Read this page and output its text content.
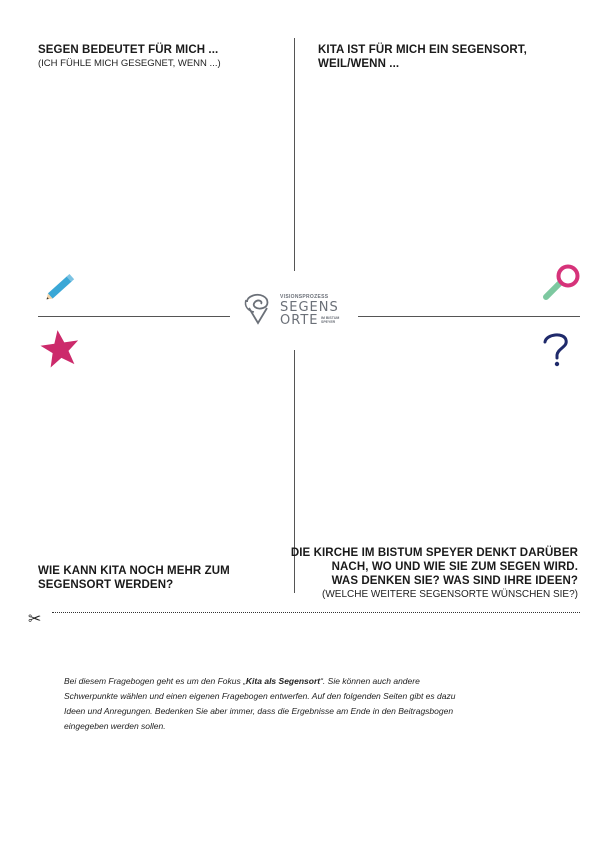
SEGEN BEDEUTET FÜR MICH ...
(ICH FÜHLE MICH GESEGNET, WENN ...)
KITA IST FÜR MICH EIN SEGENSORT,
WEIL/WENN ...
VISIONSPROZESS
SEGENS
ORTE IM BISTUM
SPEYER
WIE KANN KITA NOCH MEHR ZUM
SEGENSORT WERDEN?
DIE KIRCHE IM BISTUM SPEYER DENKT DARÜBER
NACH, WO UND WIE SIE ZUM SEGEN WIRD.
WAS DENKEN SIE? WAS SIND IHRE IDEEN?
(WELCHE WEITERE SEGENSORTE WÜNSCHEN SIE?)
✂
Bei diesem Fragebogen geht es um den Fokus „Kita als Segensort“. Sie können auch andere
Schwerpunkte wählen und einen eigenen Fragebogen entwerfen. Auf den folgenden Seiten gibt es dazu
Ideen und Anregungen. Bedenken Sie aber immer, dass die Ergebnisse am Ende in den Beitragsbogen
eingegeben werden sollen.
